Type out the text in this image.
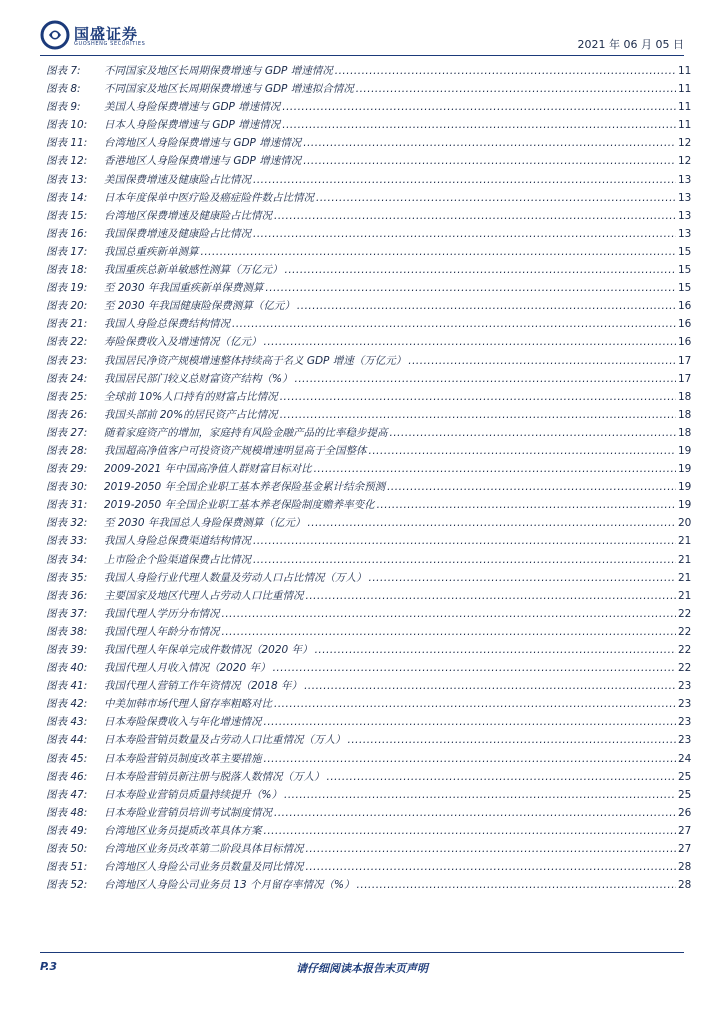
国盛证券
GUOSHENG SECURITIES	2021 年 06 月 05 日
图表 7:	不同国家及地区长周期保费增速与 GDP 增速情况 .....	11
图表 8:	不同国家及地区长周期保费增速与 GDP 增速拟合情况 .....	11
图表 9:	美国人身险保费增速与 GDP 增速情况 .....	11
图表 10:	日本人身险保费增速与 GDP 增速情况 .....	11
图表 11:	台湾地区人身险保费增速与 GDP 增速情况 .....	12
图表 12:	香港地区人身险保费增速与 GDP 增速情况 .....	12
图表 13:	美国保费增速及健康险占比情况 .....	13
图表 14:	日本年度保单中医疗险及癌症险件数占比情况 .....	13
图表 15:	台湾地区保费增速及健康险占比情况 .....	13
图表 16:	我国保费增速及健康险占比情况 .....	13
图表 17:	我国总重疾新单测算 .....	15
图表 18:	我国重疾总新单敏感性测算（万亿元） .....	15
图表 19:	至 2030 年我国重疾新单保费测算 .....	15
图表 20:	至 2030 年我国健康险保费测算（亿元） .....	16
图表 21:	我国人身险总保费结构情况 .....	16
图表 22:	寿险保费收入及增速情况（亿元） .....	16
图表 23:	我国居民净资产规模增速整体持续高于名义 GDP 增速（万亿元） .....	17
图表 24:	我国居民部门较义总财富资产结构（%） .....	17
图表 25:	全球前 10%人口持有的财富占比情况 .....	18
图表 26:	我国头部前 20%的居民资产占比情况 .....	18
图表 27:	随着家庭资产的增加，家庭持有风险金融产品的比率稳步提高 .....	18
图表 28:	我国超高净值客户可投资资产规模增速明显高于全国整体 .....	19
图表 29:	2009-2021 年中国高净值人群财富目标对比 .....	19
图表 30:	2019-2050 年全国企业职工基本养老保险基金累计结余预测 .....	19
图表 31:	2019-2050 年全国企业职工基本养老保险制度赡养率变化 .....	19
图表 32:	至 2030 年我国总人身险保费测算（亿元） .....	20
图表 33:	我国人身险总保费渠道结构情况 .....	21
图表 34:	上市险企个险渠道保费占比情况 .....	21
图表 35:	我国人身险行业代理人数量及劳动人口占比情况（万人） .....	21
图表 36:	主要国家及地区代理人占劳动人口比重情况 .....	21
图表 37:	我国代理人学历分布情况 .....	22
图表 38:	我国代理人年龄分布情况 .....	22
图表 39:	我国代理人年保单完成件数情况（2020 年） .....	22
图表 40:	我国代理人月收入情况（2020 年） .....	22
图表 41:	我国代理人营销工作年资情况（2018 年） .....	23
图表 42:	中美加韩市场代理人留存率粗略对比 .....	23
图表 43:	日本寿险保费收入与年化增速情况 .....	23
图表 44:	日本寿险营销员数量及占劳动人口比重情况（万人） .....	23
图表 45:	日本寿险营销员制度改革主要措施 .....	24
图表 46:	日本寿险营销员新注册与脱落人数情况（万人） .....	25
图表 47:	日本寿险业营销员质量持续提升（%） .....	25
图表 48:	日本寿险业营销员培训考试制度情况 .....	26
图表 49:	台湾地区业务员提质改革具体方案 .....	27
图表 50:	台湾地区业务员改革第二阶段具体目标情况 .....	27
图表 51:	台湾地区人身险公司业务员数量及同比情况 .....	28
图表 52:	台湾地区人身险公司业务员 13 个月留存率情况（%） .....	28
P.3	请仔细阅读本报告末页声明
